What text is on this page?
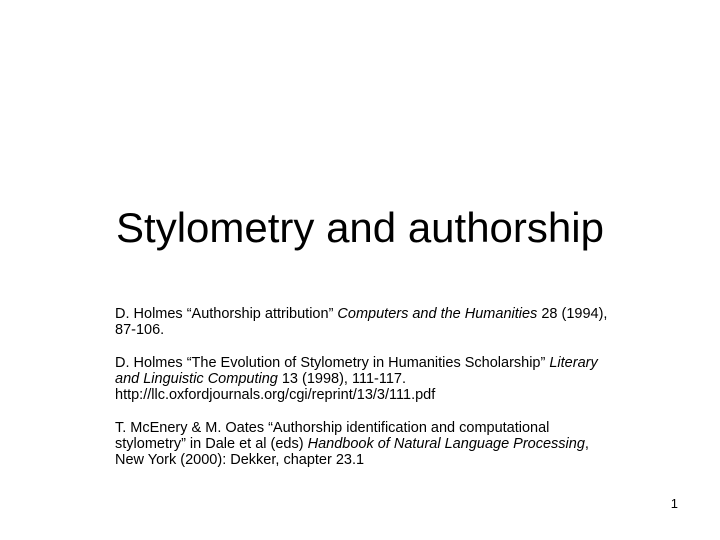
Stylometry and authorship
D. Holmes “Authorship attribution” Computers and the Humanities 28 (1994), 87-106.
D. Holmes “The Evolution of Stylometry in Humanities Scholarship” Literary and Linguistic Computing 13 (1998), 111-117. http://llc.oxfordjournals.org/cgi/reprint/13/3/111.pdf
T. McEnery & M. Oates “Authorship identification and computational stylometry” in Dale et al (eds) Handbook of Natural Language Processing, New York (2000): Dekker, chapter 23.1
1
